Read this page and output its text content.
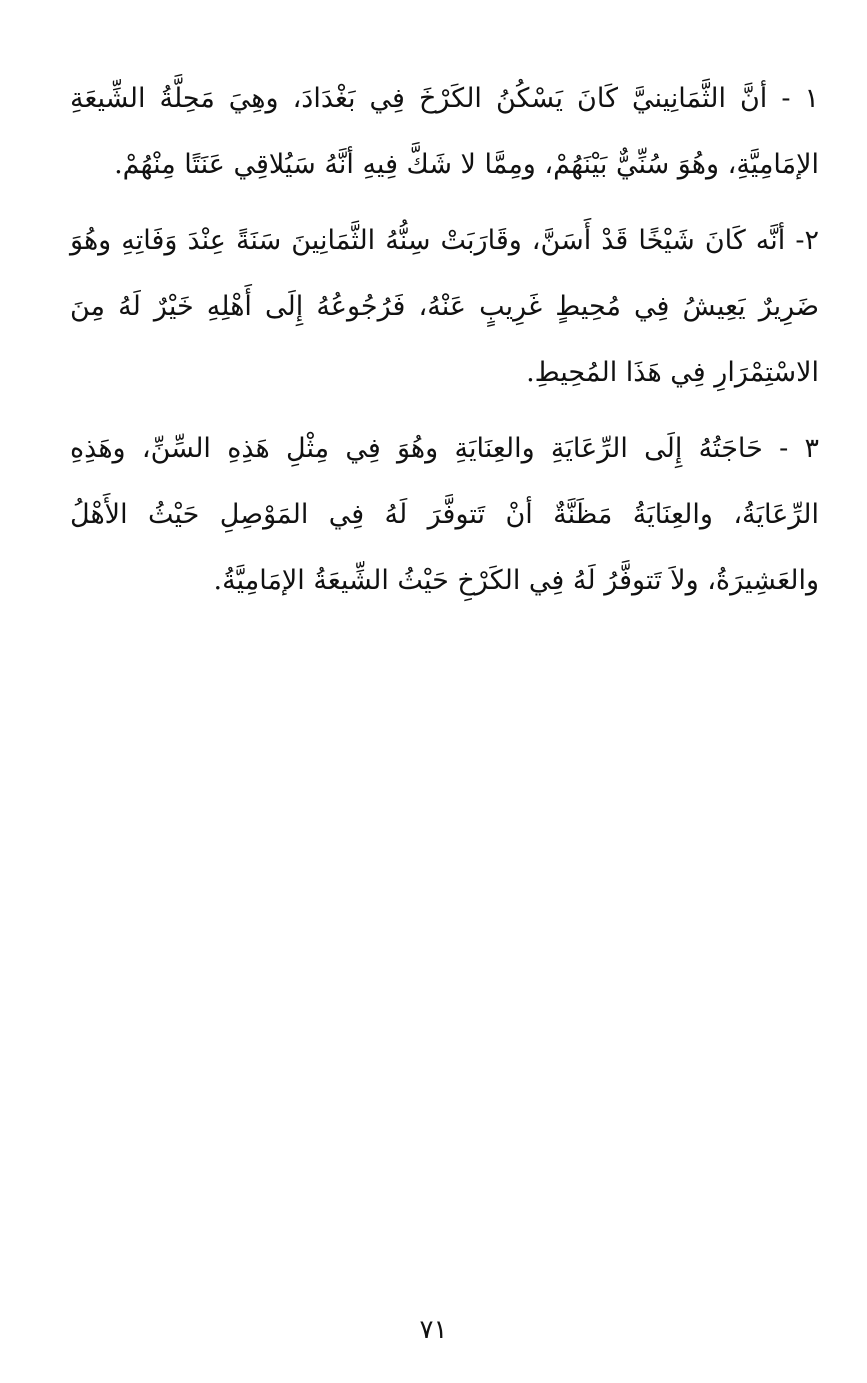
١ - أنَّ الثَّمَانِينيَّ كَانَ يَسْكُنُ الكَرْخَ فِي بَغْدَادَ، وهِيَ مَحِلَّةُ الشِّيعَةِ الإمَامِيَّةِ، وهُوَ سُنِّيٌّ بَيْنَهُمْ، ومِمَّا لا شَكَّ فِيهِ أنَّهُ سَيُلاقِي عَنَتًا مِنْهُمْ.

٢- أنَّه كَانَ شَيْخًا قَدْ أَسَنَّ، وقَارَبَتْ سِنُّهُ الثَّمَانِينَ سَنَةً عِنْدَ وَفَاتِهِ وهُوَ ضَرِيرٌ يَعِيشُ فِي مُحِيطٍ غَرِيبٍ عَنْهُ، فَرُجُوعُهُ إِلَى أَهْلِهِ خَيْرٌ لَهُ مِنَ الاسْتِمْرَارِ فِي هَذَا المُحِيطِ.

٣ - حَاجَتُهُ إِلَى الرِّعَايَةِ والعِنَايَةِ وهُوَ فِي مِثْلِ هَذِهِ السِّنِّ، وهَذِهِ الرِّعَايَةُ، والعِنَايَةُ مَظَنَّةٌ أنْ تَتوفَّرَ لَهُ فِي المَوْصِلِ حَيْثُ الأَهْلُ والعَشِيرَةُ، ولاَ تَتوفَّرُ لَهُ فِي الكَرْخِ حَيْثُ الشِّيعَةُ الإمَامِيَّةُ.

٧١
